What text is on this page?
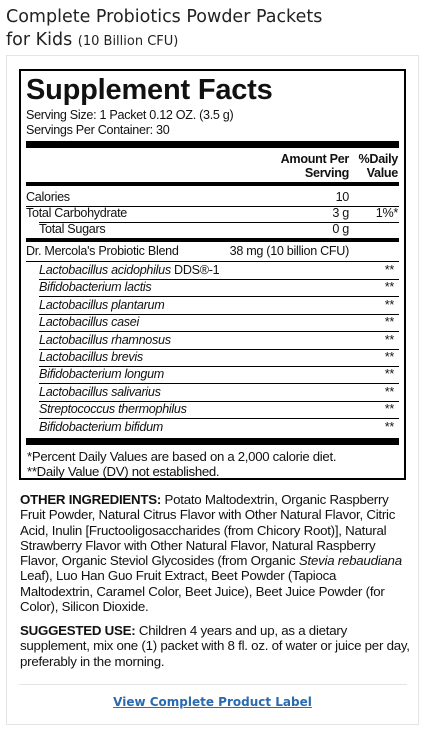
Complete Probiotics Powder Packets
for Kids (10 Billion CFU)
Supplement Facts
Serving Size: 1 Packet 0.12 OZ. (3.5 g)
Servings Per Container: 30
Amount Per
Serving
%Daily
Value
Calories	10
Total Carbohydrate	3 g 1%*
Total Sugars	0 g
Dr. Mercola's Probiotic Blend	38 mg (10 billion CFU)
Lactobacillus acidophilus DDS®-1	**
Bifidobacterium lactis	**
Lactobacillus plantarum	**
Lactobacillus casei	**
Lactobacillus rhamnosus	**
Lactobacillus brevis	**
Bifidobacterium longum	**
Lactobacillus salivarius	**
Streptococcus thermophilus	**
Bifidobacterium bifidum	**
*Percent Daily Values are based on a 2,000 calorie diet.
**Daily Value (DV) not established.
OTHER INGREDIENTS: Potato Maltodextrin, Organic Raspberry Fruit Powder, Natural Citrus Flavor with Other Natural Flavor, Citric Acid, Inulin [Fructooligosaccharides (from Chicory Root)], Natural Strawberry Flavor with Other Natural Flavor, Natural Raspberry Flavor, Organic Steviol Glycosides (from Organic Stevia rebaudiana Leaf), Luo Han Guo Fruit Extract, Beet Powder (Tapioca Maltodextrin, Caramel Color, Beet Juice), Beet Juice Powder (for Color), Silicon Dioxide.
SUGGESTED USE: Children 4 years and up, as a dietary supplement, mix one (1) packet with 8 fl. oz. of water or juice per day, preferably in the morning.
View Complete Product Label
